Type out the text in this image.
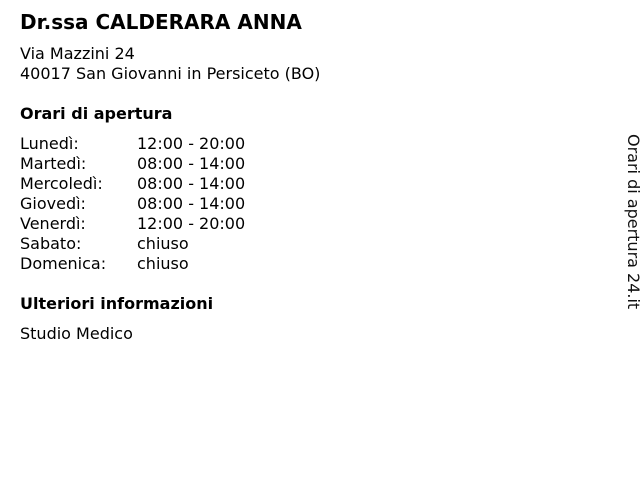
Dr.ssa CALDERARA ANNA
Via Mazzini 24
40017 San Giovanni in Persiceto (BO)
Orari di apertura
Lunedì:	12:00 - 20:00
Martedì:	08:00 - 14:00
Mercoledì:	08:00 - 14:00
Giovedì:	08:00 - 14:00
Venerdì:	12:00 - 20:00
Sabato:	chiuso
Domenica:	chiuso
Ulteriori informazioni
Studio Medico
Orari di apertura 24.it
